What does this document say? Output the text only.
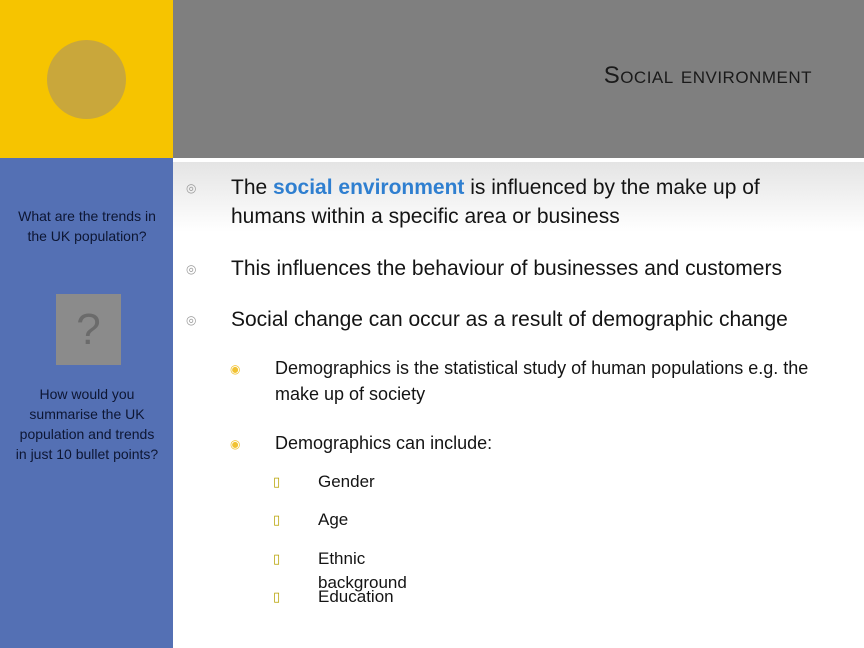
Social environment
What are the trends in the UK population?
?
How would you summarise the UK population and trends in just 10 bullet points?
◎ The social environment is influenced by the make up of humans within a specific area or business
◎ This influences the behaviour of businesses and customers
◎ Social change can occur as a result of demographic change
◉ Demographics is the statistical study of human populations e.g. the make up of society
◉ Demographics can include:
▯ Gender
▯ Age
▯ Ethnic background
▯ Education
